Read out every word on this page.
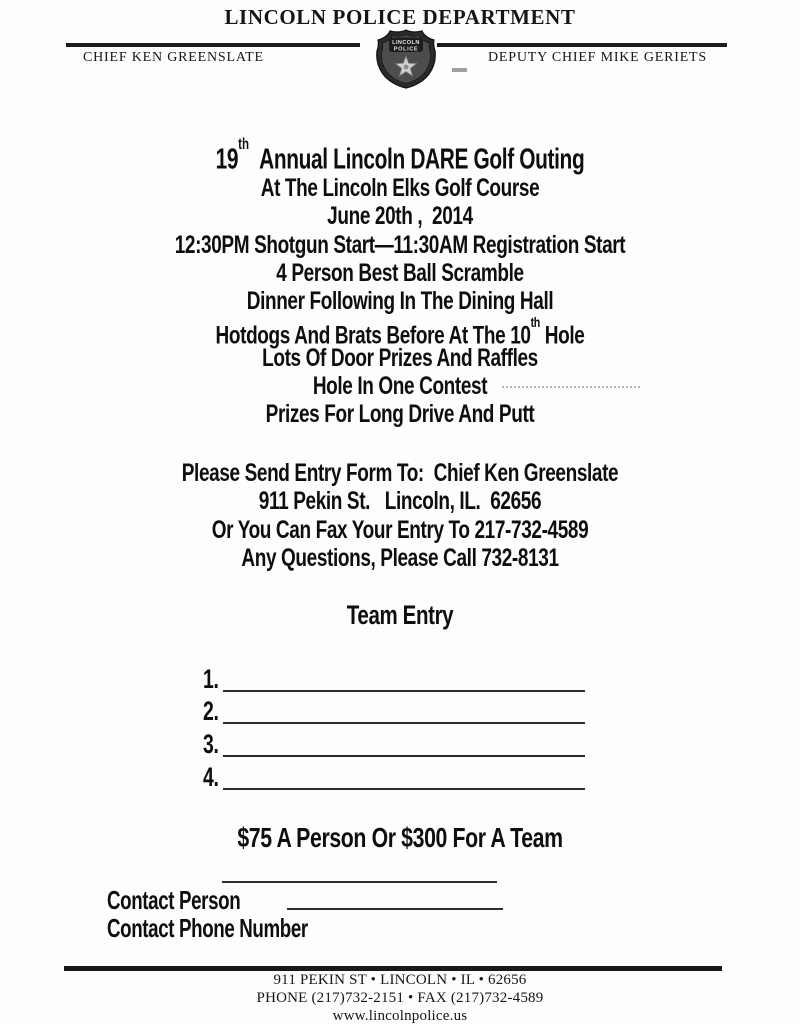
LINCOLN POLICE DEPARTMENT
CHIEF KEN GREENSLATE	DEPUTY CHIEF MIKE GERIETS
LINCOLN
POLICE
19th  Annual Lincoln DARE Golf Outing
At The Lincoln Elks Golf Course
June 20th ,  2014
12:30PM Shotgun Start—11:30AM Registration Start
4 Person Best Ball Scramble
Dinner Following In The Dining Hall
Hotdogs And Brats Before At The 10th Hole
Lots Of Door Prizes And Raffles
Hole In One Contest
Prizes For Long Drive And Putt
Please Send Entry Form To:  Chief Ken Greenslate
911 Pekin St.   Lincoln, IL.  62656
Or You Can Fax Your Entry To 217-732-4589
Any Questions, Please Call 732-8131
Team Entry
1.
2.
3.
4.
$75 A Person Or $300 For A Team

Contact Person

Contact Phone Number

911 PEKIN ST • LINCOLN • IL • 62656
PHONE (217)732-2151 • FAX (217)732-4589
www.lincolnpolice.us
